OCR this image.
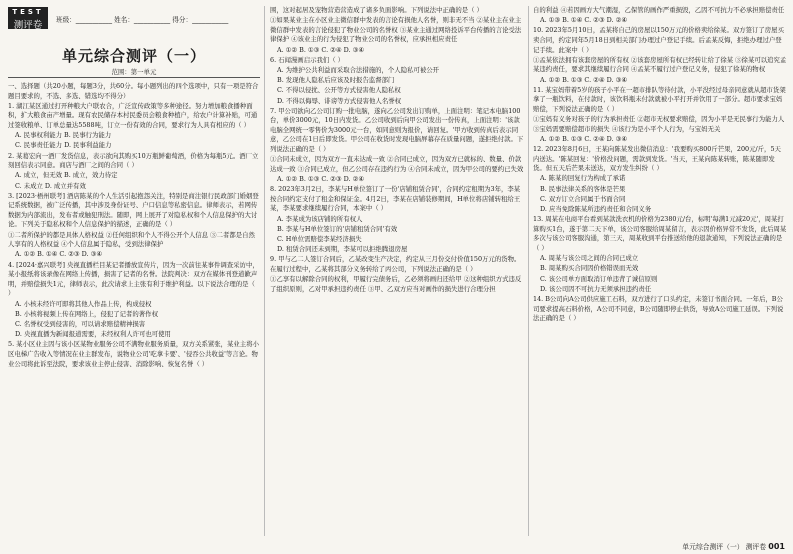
TEST
测评卷	班级：___________ 姓名：___________ 得分：___________
单元综合测评（一）
范围：第一单元

一、选择题（共20小题，每题3分，共60分。每小题列出的四个选项中，只有一项是符合题目要求的，不选、多选、错选均不得分）

1. 湖江某区通过打开种粮大户联农合，广泛宣传政策等多种途径。努力增加粮食播种面积，扩大粮食亩产增量。现有农民储存本村民委员会粮食种植户，给农户计算补贴，可通过签收粮单、订单总量达5588吨，订立一份有效的合同，要求行为人具有相应的（ ）

A. 民事权利能力 B. 民事行为能力

C. 民事责任能力 D. 民事利益能力

2. 某葛宏向一酒厂发货信息，表示欲向其购买10万瓶鲜葡萄酒，价格为每瓶5元。酒厂立刻回信表示同意。商店与酒厂之间的合同（ ）

A. 成立，但无效 B. 成立，效力待定

C. 未成立 D. 成立并有效

3. [2023·梧州联考] 酒店陈某的个人生活引起抱怨关注，特别是商注银行民政部门婚姻登记系统数据，被广泛传播，其中涉及身份证号、户口信息等私密信息。律师表示，若网传数据为内部流出，发布者或触犯刑法。随即，网上展开了对隐私权和个人信息保护的大讨论。下列关于隐私权和个人信息保护的描述，正确的是（ ）

①二者所保护的都是具体人格权益 ②任何组织和个人不得公开个人信息 ③二者都是自然人享有的人格权益 ④个人信息属于隐私，受到法律保护

A. ①② B. ①④ C. ②③ D. ③④

4. [2024·嘉兴联考] 央视直播栏目某记者播放宣传片，因为一次前往某事件调查采访中，某小报纸将该录像在网络上传播，损害了记者的名誉。法院判决：双方在媒体刊登道歉声明，并赔偿损失1元，律师表示，此次请求上主张有利于维护利益。以下说法合理的是（ ）

A. 小核未经许可即将其他人作品上传，构成侵权

B. 小核将视频上传在网络上，侵犯了记者的著作权

C. 名誉权受到侵害的，可以请求赔偿精神损害

D. 央视直播为新闻报道需要，未经权利人许可也可使用

5. 某小区业主因与该小区某物业服务公司不满物业服务质量，双方关系紧张，某业主将小区电梯广告收入等情况在业主群发布，说物业公司'吃拿卡要'、'侵吞公共收益'等言论。物业公司将此诉至法院，要求该业主停止侵害、消除影响、恢复名誉（ ）

围，这对起居及宠物营造营造成了诸多负面影响。下列说法中正确的是（ ）

①如果某业主在小区业主微信群中发表的言论有损他人名誉，则非无不当 ②某业主在业主微信群中发表的言论侵犯了物业公司的名誉权 ③某业主通过网络投诉平台传播的言论受法律保护 ④该业主的行为侵犯了物业公司的名誉权，应承担相应责任

A. ①② B. ①③ C. ②④ D. ③④

6. 石闻漫画启示我们（ ）

A. 为维护公共利益而采取合法措施的，个人隐私可被公开

B. 发现他人隐私后应该及时报告监督部门

C. 不得以侵扰、公开等方式侵害他人隐私权

D. 不得以侮辱、诽谤等方式侵害他人名誉权

7. 甲公司欲向乙公司订购一批电脑，遂向乙公司发出订购单，上面注明：笔记本电脑100台，单价3000元，10日内发货。乙公司收到后向甲公司发出一份传真，上面注明：'该款电脑全网统一零售价为3000元一台，如同意则为报价，请回复。'甲方收到传真后表示同意，乙公司在1日后即发货。甲公司在收货时发现电脑屏幕存在质量问题，遂拒绝付款。下列说法正确的是（ ）

①合同未成立，因为双方一直未达成一致 ②合同已成立，因为双方已就标的、数量、价款达成一致 ③合同已成立，但乙公司存在违约行为 ④合同未成立，因为甲公司的要约已失效

A. ①② B. ①③ C. ②③ D. ②④

8. 2023年3月2日，李某与H单位签订了一份'店铺租赁合同'，合同约定租期为3年，李某按合同约定支付了租金和保证金。4月2日，李某在店铺装修期间，H单位将店铺转租给王某，李某要求继续履行合同，本案中（ ）

A. 李某成为该店铺的所有权人

B. 李某与H单位签订的'店铺租赁合同'有效

C. H单位需赔偿李某经济损失

D. 租赁合同还未到期，李某可以拒绝腾退房屋

9. 甲与乙二人签订合同后，乙某改变生产决定，约定从三月份交付价值150万元的货物。在履行过程中，乙某将其部分义务转给了丙公司，下列说法正确的是（ ）

①乙享有以解除合同的权利，甲履行完债务后，乙必须将画归还给甲 ②这种组织方式违反了组织原则，乙对甲承担违约责任 ③甲、乙双方应当对画作的损失进行合理分担

自的利益 ④若因画方大气潮湿，乙保管的画作严重损毁，乙因不可抗力不必承担赔偿责任

A. ①③ B. ①④ C. ②③ D. ②④

10. 2023年5月10日，孟某将自己的房屋以150万元的价格卖给徐某。双方签订了房屋买卖合同，约定同年5月18日到相关部门办理过户登记手续。后孟某反悔，拒绝办理过户登记手续。此案中（ ）

①孟某依法拥有该套房屋的所有权 ②该套房屋所有权已经转让给了徐某 ③徐某可以追究孟某违约责任，要求其继续履行合同 ④孟某不履行过户登记义务，侵犯了徐某的物权

A. ①② B. ①③ C. ②④ D. ③④

11. 某宝妈带着5岁的孩子小平在一超市排队等待付款，小平没经过母亲同意就从超市货架拿了一瓶饮料，在付款时，该饮料瓶未付款就被小平打开并饮用了一部分。超市要求宝妈赔偿，下列说法正确的是（ ）

①宝妈有义务对孩子的行为承担责任 ②超市无权要求赔偿，因为小平是无民事行为能力人 ③宝妈需要赔偿超市的损失 ④该行为是小平个人行为，与宝妈无关

A. ①② B. ①③ C. ②④ D. ③④

12. 2023年8月6日，王某向陈某发出微信消息：'我要购买800斤芒果，200元/斤，5天内送达。'陈某回复：'价格没问题，需款到发货。'当天，王某向陈某转账，陈某随即发货。但五天后芒果未送达，双方发生纠纷（ ）

A. 陈某的回复行为构成了承诺

B. 民事法律关系的客体是芒果

C. 双方订立合同属于书面合同

D. 应当免除陈某所违约责任和合同义务

13. 周某在电商平台看到某款洗衣机的价格为2380元/台，标明'每满1元减20元'，周某打算购买1台，遂于第二天下单，该公司客服给周某留言，表示因价格异常不发货，此后周某多次与该公司客服沟通，第三天，周某收到平台推送给他的退款通知，下列说法正确的是（ ）

A. 周某与该公司之间的合同已成立

B. 周某购买合同因价格错误而无效

C. 该公司单方面取消订单违背了诚信原则

D. 该公司因不可抗力无须承担违约责任

14. B公司向A公司供应施工石料，双方进行了口头约定，未签订书面合同。一年后，B公司要求提高石料价格，A公司不同意，B公司随即停止供货，导致A公司施工延误。下列说法正确的是（ ）

单元综合测评（一） 测评卷 001
